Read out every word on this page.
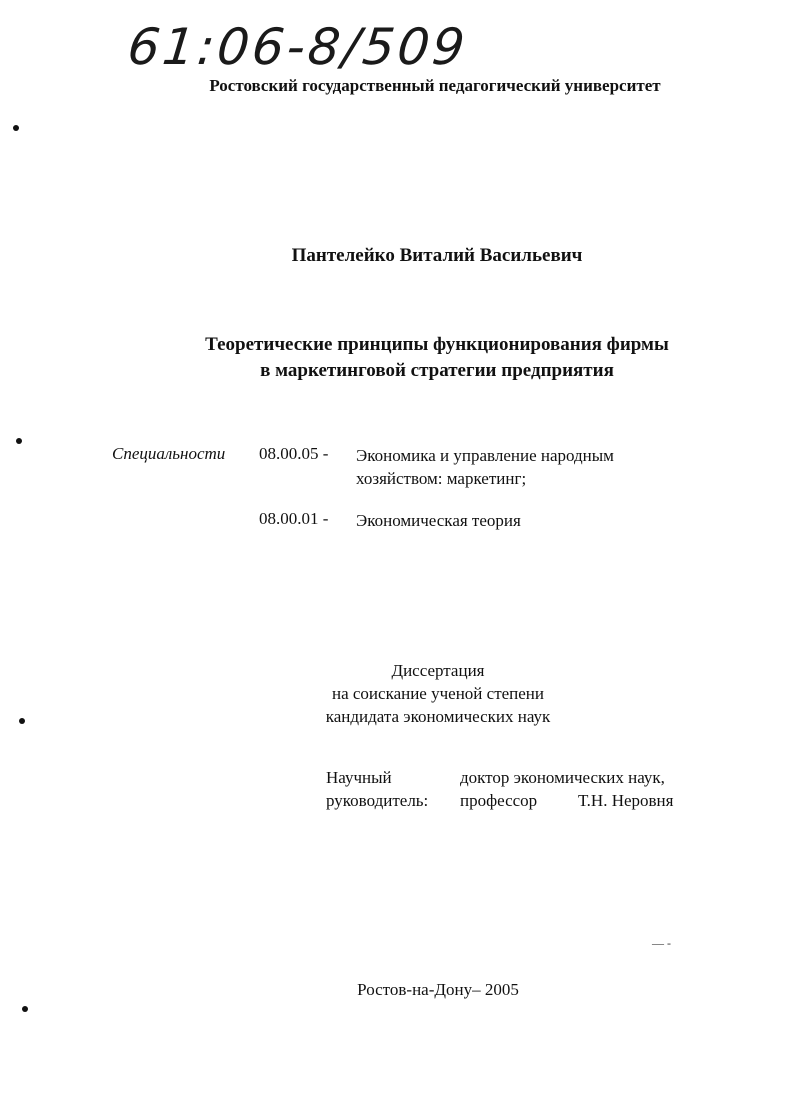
61:06-8/509
Ростовский государственный педагогический университет
Пантелейко Виталий Васильевич
Теоретические принципы функционирования фирмы
в маркетинговой стратегии предприятия
Специальности 08.00.05 - Экономика и управление народным
хозяйством: маркетинг;
08.00.01 - Экономическая теория
Диссертация
на соискание ученой степени
кандидата экономических наук
Научный
руководитель:
доктор экономических наук,
профессор Т.Н. Неровня
Ростов-на-Дону– 2005
— -
